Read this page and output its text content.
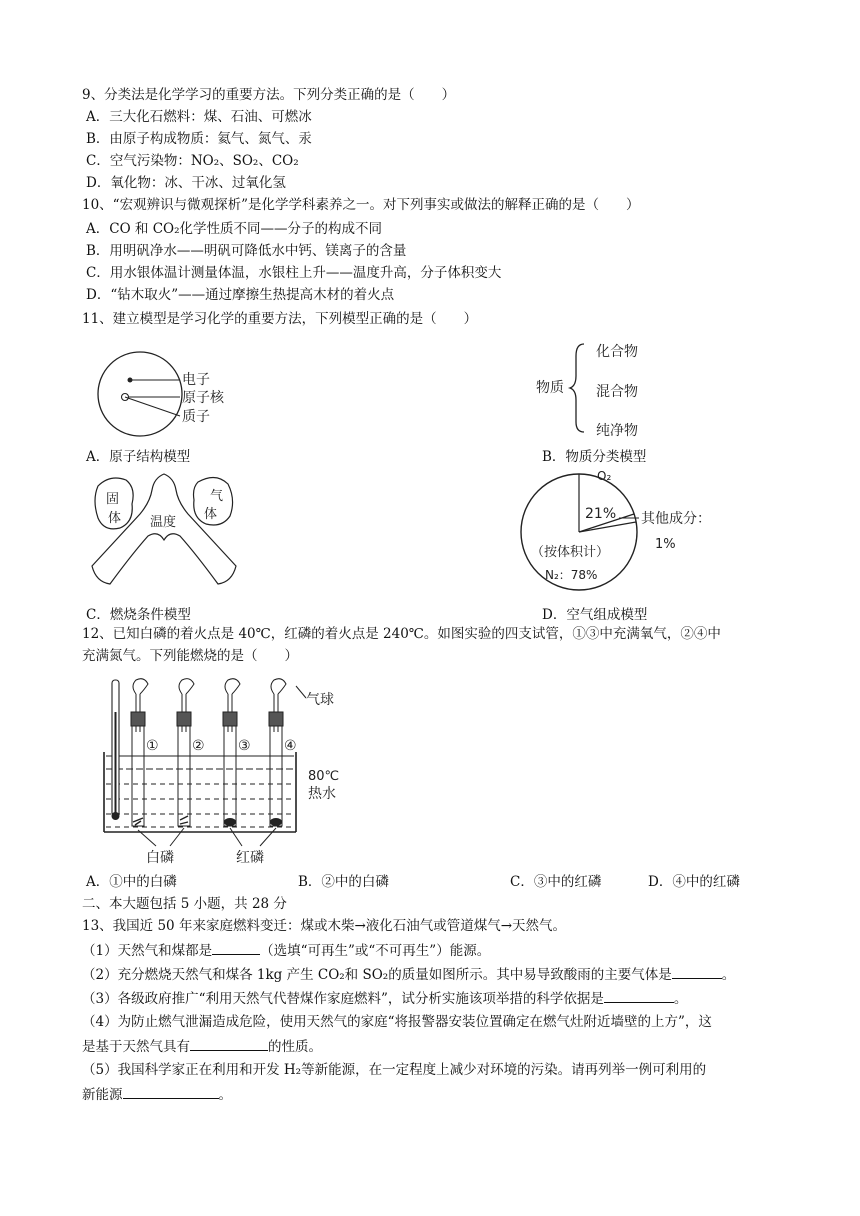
9、分类法是化学学习的重要方法。下列分类正确的是（　　）
A．三大化石燃料：煤、石油、可燃冰
B．由原子构成物质：氦气、氮气、汞
C．空气污染物：NO₂、SO₂、CO₂
D．氧化物：冰、干冰、过氧化氢
10、“宏观辨识与微观探析”是化学学科素养之一。对下列事实或做法的解释正确的是（　　）
A．CO 和 CO₂化学性质不同——分子的构成不同
B．用明矾净水——明矾可降低水中钙、镁离子的含量
C．用水银体温计测量体温，水银柱上升——温度升高，分子体积变大
D．“钻木取火”——通过摩擦生热提高木材的着火点
11、建立模型是学习化学的重要方法，下列模型正确的是（　　）
电子
原子核
质子
A．原子结构模型
物质
化合物
混合物
纯净物
B．物质分类模型
固
体 温度
气
体
C．燃烧条件模型
O₂
21% 其他成分：
1%
（按体积计）
N₂：78%
D．空气组成模型
12、已知白磷的着火点是 40℃，红磷的着火点是 240℃。如图实验的四支试管，①③中充满氧气，②④中
充满氮气。下列能燃烧的是（　　）
气球
① ② ③ ④
80℃
热水
白磷	红磷
A．①中的白磷	B．②中的白磷	C．③中的红磷	D．④中的红磷
二、本大题包括 5 小题，共 28 分
13、我国近 50 年来家庭燃料变迁：煤或木柴→液化石油气或管道煤气→天然气。
（1）天然气和煤都是	（选填“可再生”或“不可再生”）能源。
（2）充分燃烧天然气和煤各 1kg 产生 CO₂和 SO₂的质量如图所示。其中易导致酸雨的主要气体是	。
（3）各级政府推广“利用天然气代替煤作家庭燃料”，试分析实施该项举措的科学依据是	。
（4）为防止燃气泄漏造成危险，使用天然气的家庭“将报警器安装位置确定在燃气灶附近墙壁的上方”，这
是基于天然气具有	的性质。
（5）我国科学家正在利用和开发 H₂等新能源，在一定程度上减少对环境的污染。请再列举一例可利用的
新能源	。
